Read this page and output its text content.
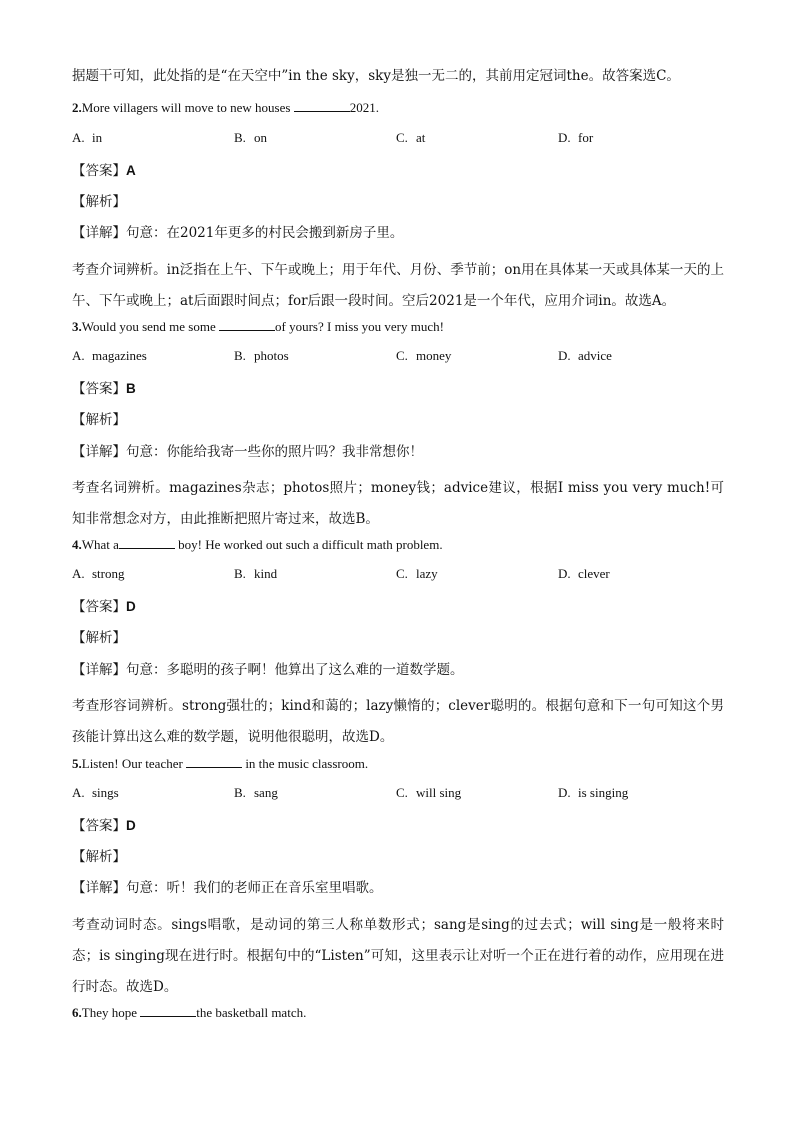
据题干可知，此处指的是“在天空中”in the sky，sky是独一无二的，其前用定冠词the。故答案选C。
2.More villagers will move to new houses	2021.
A. in	B. on	C. at	D. for
【答案】A
【解析】
【详解】句意：在2021年更多的村民会搬到新房子里。
考查介词辨析。in泛指在上午、下午或晚上；用于年代、月份、季节前；on用在具体某一天或具体某一天的上午、下午或晚上；at后面跟时间点；for后跟一段时间。空后2021是一个年代，应用介词in。故选A。
3.Would you send me some	of yours? I miss you very much!
A. magazines	B. photos	C. money	D. advice
【答案】B
【解析】
【详解】句意：你能给我寄一些你的照片吗？我非常想你！
考查名词辨析。magazines杂志；photos照片；money钱；advice建议，根据I miss you very much!可知非常想念对方，由此推断把照片寄过来，故选B。
4.What a	boy! He worked out such a difficult math problem.
A. strong	B. kind	C. lazy	D. clever
【答案】D
【解析】
【详解】句意：多聪明的孩子啊！他算出了这么难的一道数学题。
考查形容词辨析。strong强壮的；kind和蔼的；lazy懒惰的；clever聪明的。根据句意和下一句可知这个男孩能计算出这么难的数学题，说明他很聪明，故选D。
5.Listen! Our teacher	in the music classroom.
A. sings	B. sang	C. will sing	D. is singing
【答案】D
【解析】
【详解】句意：听！我们的老师正在音乐室里唱歌。
考查动词时态。sings唱歌，是动词的第三人称单数形式；sang是sing的过去式；will sing是一般将来时态；is singing现在进行时。根据句中的“Listen”可知，这里表示让对听一个正在进行着的动作，应用现在进行时态。故选D。
6.They hope	the basketball match.
